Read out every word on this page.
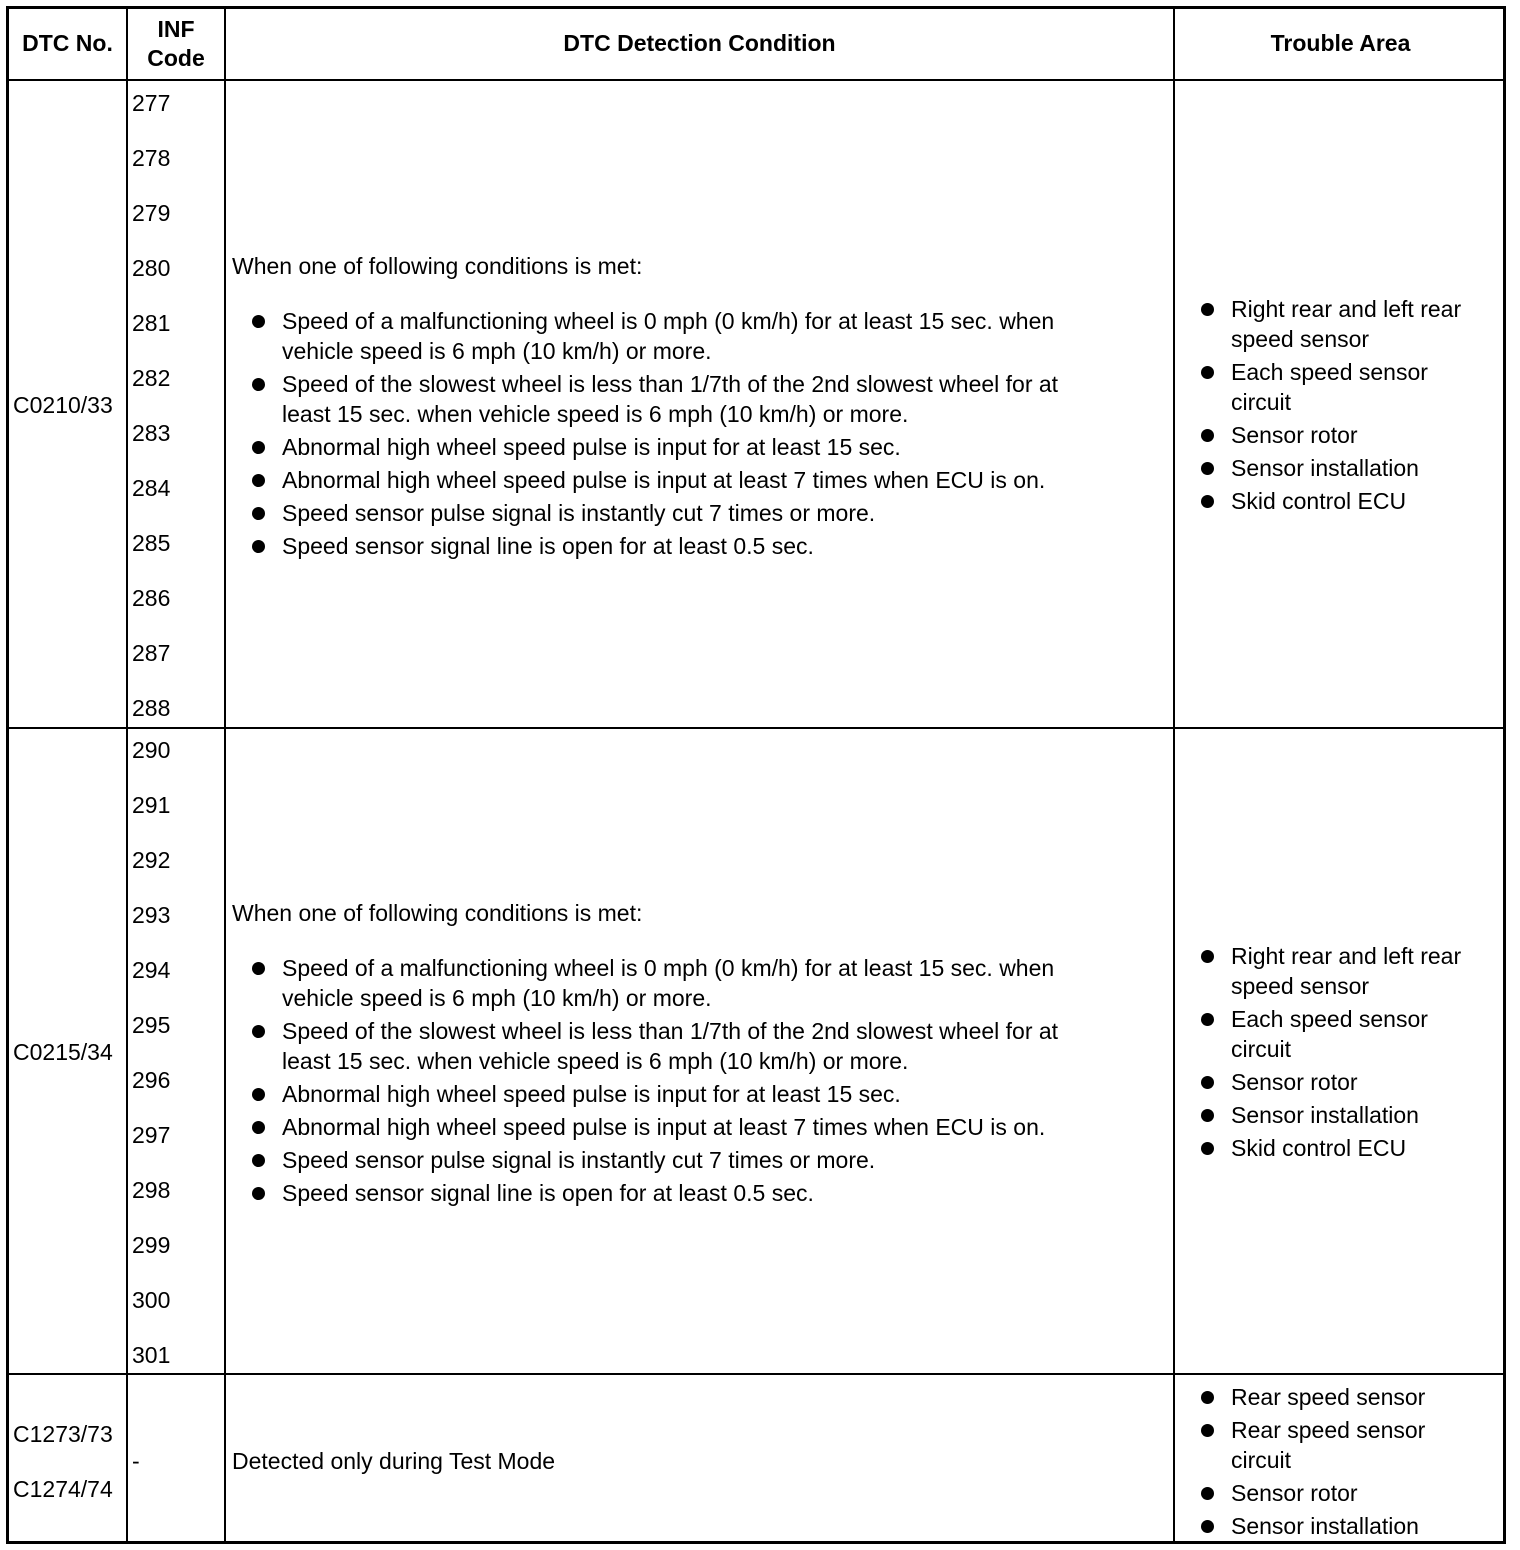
DTC No.
INF
Code
DTC Detection Condition	Trouble Area
C0210/33
277
278
279
280
281
282
283
284
285
286
287
288
When one of following conditions is met:
Speed of a malfunctioning wheel is 0 mph (0 km/h) for at least 15 sec. when
vehicle speed is 6 mph (10 km/h) or more.
Speed of the slowest wheel is less than 1/7th of the 2nd slowest wheel for at
least 15 sec. when vehicle speed is 6 mph (10 km/h) or more.
Abnormal high wheel speed pulse is input for at least 15 sec.
Abnormal high wheel speed pulse is input at least 7 times when ECU is on.
Speed sensor pulse signal is instantly cut 7 times or more.
Speed sensor signal line is open for at least 0.5 sec.
Right rear and left rear
speed sensor
Each speed sensor
circuit
Sensor rotor
Sensor installation
Skid control ECU
C0215/34
290
291
292
293
294
295
296
297
298
299
300
301
When one of following conditions is met:
Speed of a malfunctioning wheel is 0 mph (0 km/h) for at least 15 sec. when
vehicle speed is 6 mph (10 km/h) or more.
Speed of the slowest wheel is less than 1/7th of the 2nd slowest wheel for at
least 15 sec. when vehicle speed is 6 mph (10 km/h) or more.
Abnormal high wheel speed pulse is input for at least 15 sec.
Abnormal high wheel speed pulse is input at least 7 times when ECU is on.
Speed sensor pulse signal is instantly cut 7 times or more.
Speed sensor signal line is open for at least 0.5 sec.
Right rear and left rear
speed sensor
Each speed sensor
circuit
Sensor rotor
Sensor installation
Skid control ECU
C1273/73
C1274/74
-	Detected only during Test Mode
Rear speed sensor
Rear speed sensor
circuit
Sensor rotor
Sensor installation
